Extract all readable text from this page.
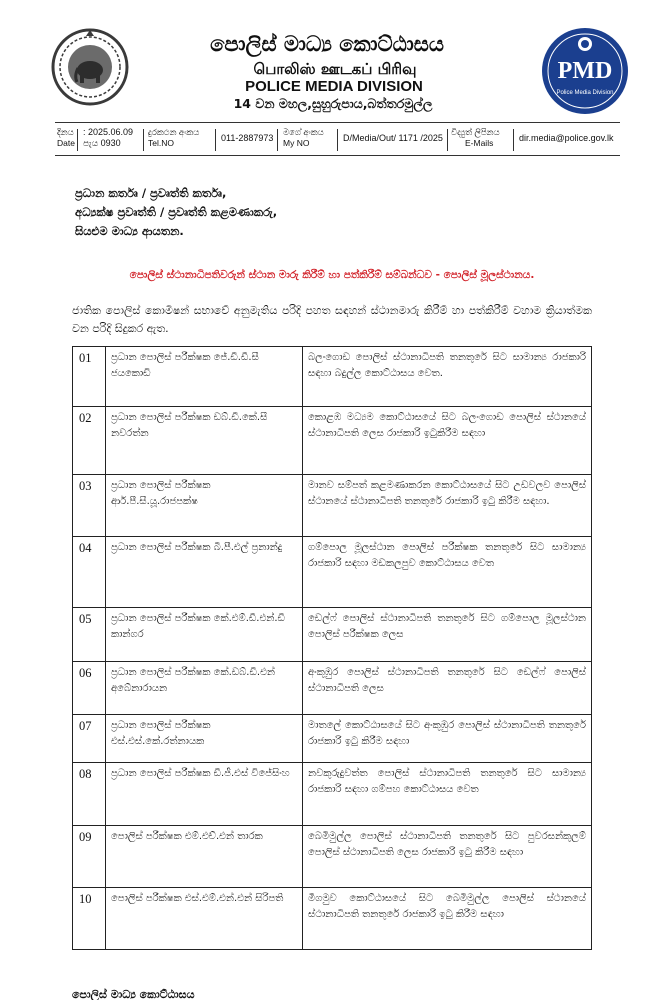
PMD
Police Media Division
පොලිස් මාධ්‍ය කොට්ඨාසය
பொலிஸ் ஊடகப் பிரிவு
POLICE MEDIA DIVISION
14 වන මහල,සුහුරුපාය,බත්තරමුල්ල
දිනය
Date
: 2025.06.09
පැය 0930
දුරකථන අංකය
Tel.NO	011-2887973
මගේ අංකය
My NO	D/Media/Out/ 1171 /2025
විද්‍යුත් ලිපිනය
E-Mails	dir.media@police.gov.lk
ප්‍රධාන කර්තෘ / ප්‍රවෘත්ති කර්තෘ,
අධ්‍යක්ෂ ප්‍රවෘත්ති / ප්‍රවෘත්ති කළමණාකරු,
සියළුම මාධ්‍ය ආයතන.
පොලිස් ස්ථානාධිපතිවරුන් ස්ථාන මාරු කිරීම් හා පත්කිරීම් සම්බන්ධව - පොලිස් මූලස්ථානය.
ජාතික පොලිස් කොමිෂන් සභාවේ අනුමැතිය පරිදි පහත සඳහන් ස්ථානමාරු කිරීම් හා පත්කිරීම් වහාම ක්‍රියාත්මක වන පරිදි සිදුකර ඇත.
01	ප්‍රධාන පොලිස් පරීක්ෂක ජේ.ඩී.ඩී.සී ජයකොඩි	බලංගොඩ පොලිස් ස්ථානාධිපති තනතුරේ සිට සාමාන්‍ය රාජකාරි සඳහා බදුල්ල කොට්ඨාසය වෙත.
02	ප්‍රධාන පොලිස් පරීක්ෂක ඩබ්.ඩී.කේ.සී නවරත්න	කොළඹ මධ්‍යම කොට්ඨාසයේ සිට බලංගොඩ පොලිස් ස්ථානයේ ස්ථානාධිපති ලෙස රාජකාරි ඉටුකිරීම සඳහා
03	ප්‍රධාන පොලිස් පරීක්ෂක ආර්.පී.සී.යූ.රාජපක්ෂ	මානව සම්පත් කළමණාකරන කොට්ඨාසයේ සිට උඩවලව පොලිස් ස්ථානයේ ස්ථානාධිපති තනතුරේ රාජකාරි ඉටු කිරීම සඳහා.
04	ප්‍රධාන පොලිස් පරීක්ෂක බී.පී.එල් ප්‍රනාන්දු	ගම්පොල මූලස්ථාන පොලිස් පරීක්ෂක තනතුරේ සිට සාමාන්‍ය රාජකාරි සඳහා මඩකලපුව කොට්ඨාසය වෙත
05	ප්‍රධාන පොලිස් පරීක්ෂක කේ.එම්.ඩී.එන්.ඩී කාන්ගර	ඩෙල්ෆ් පොලිස් ස්ථානාධිපති තනතුරේ සිට ගම්පොල මූලස්ථාන පොලිස් පරීක්ෂක ලෙස
06	ප්‍රධාන පොලිස් පරීක්ෂක කේ.ඩබ්.ඩී.එන් අබේනාරායන	අංකුඹුර පොලිස් ස්ථානාධිපති තනතුරේ සිට ඩෙල්ෆ් පොලිස් ස්ථානාධිපති ලෙස
07	ප්‍රධාන පොලිස් පරීක්ෂක එස්.එස්.කේ.රත්නායක	මාතලේ කොට්ඨාසයේ සිට අංකුඹුර පොලිස් ස්ථානාධිපති තනතුරේ රාජකාරි ඉටු කිරීම සඳහා
08	ප්‍රධාන පොලිස් පරීක්ෂක ඩී.ජී.එස් විජේසිංහ	නවකුරුදුවත්ත පොලිස් ස්ථානාධිපති තනතුරේ සිට සාමාන්‍ය රාජකාරි සඳහා ගම්පහ කොට්ඨාසය වෙත
09	පොලිස් පරීක්ෂක එම්.එච්.එන් තාරක	බෙමිමුල්ල පොලිස් ස්ථානාධිපති තනතුරේ සිට පුවරසන්කුලම් පොලිස් ස්ථානාධිපති ලෙස රාජකාරි ඉටු කිරීම සඳහා
10	පොලිස් පරීක්ෂක එස්.එම්.එන්.එන් සිරිපති	මීගමුව කොට්ඨාසයේ සිට බෙමිමුල්ල පොලිස් ස්ථානයේ ස්ථානාධිපති තනතුරේ රාජකාරි ඉටු කිරීම සඳහා
පොලිස් මාධ්‍ය කොට්ඨාසය
